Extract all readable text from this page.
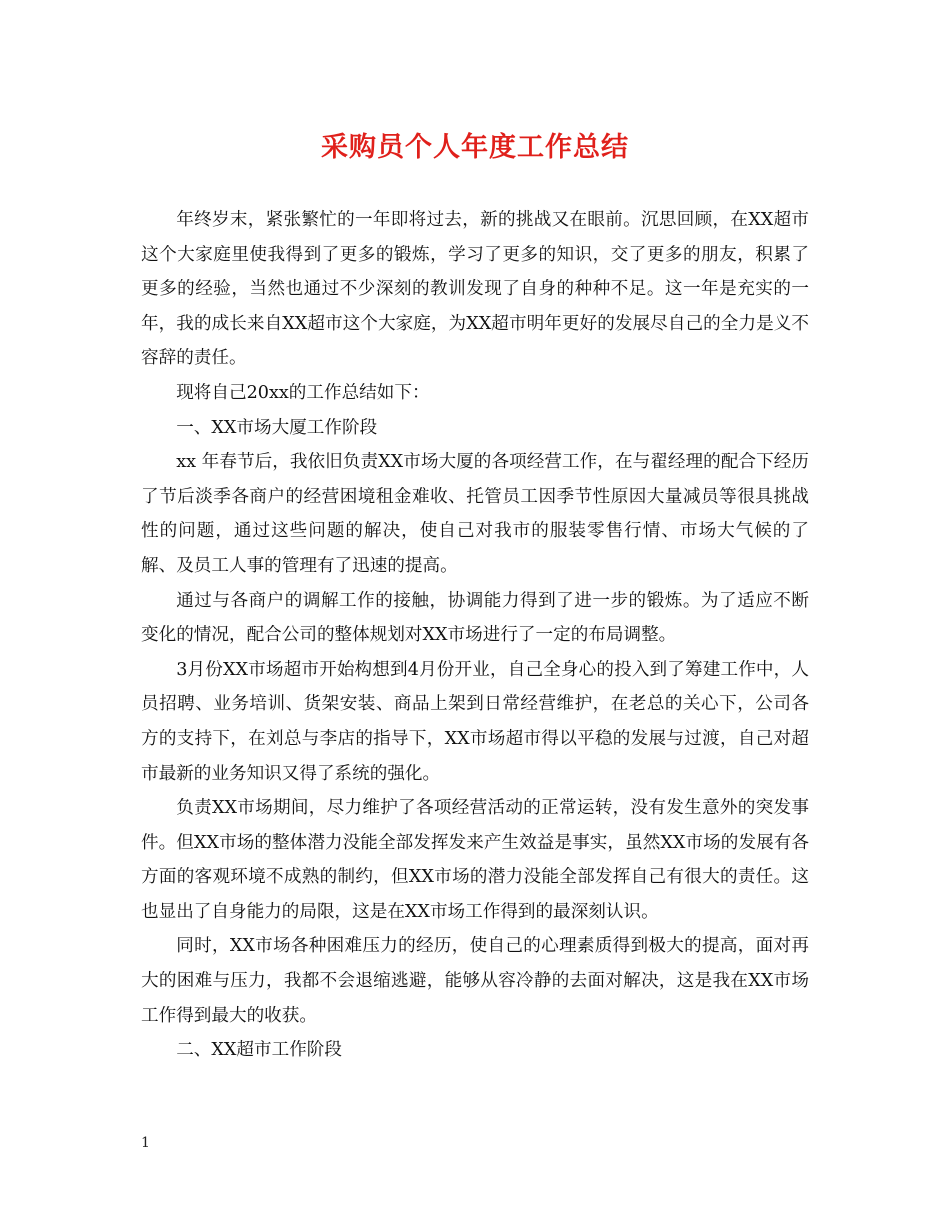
采购员个人年度工作总结

年终岁末，紧张繁忙的一年即将过去，新的挑战又在眼前。沉思回顾，在XX超市这个大家庭里使我得到了更多的锻炼，学习了更多的知识，交了更多的朋友，积累了更多的经验，当然也通过不少深刻的教训发现了自身的种种不足。这一年是充实的一年，我的成长来自XX超市这个大家庭，为XX超市明年更好的发展尽自己的全力是义不容辞的责任。

现将自己20xx的工作总结如下：

一、XX市场大厦工作阶段

xx 年春节后，我依旧负责XX市场大厦的各项经营工作，在与翟经理的配合下经历了节后淡季各商户的经营困境租金难收、托管员工因季节性原因大量减员等很具挑战性的问题，通过这些问题的解决，使自己对我市的服装零售行情、市场大气候的了解、及员工人事的管理有了迅速的提高。

通过与各商户的调解工作的接触，协调能力得到了进一步的锻炼。为了适应不断变化的情况，配合公司的整体规划对XX市场进行了一定的布局调整。

3月份XX市场超市开始构想到4月份开业，自己全身心的投入到了筹建工作中，人员招聘、业务培训、货架安装、商品上架到日常经营维护，在老总的关心下，公司各方的支持下，在刘总与李店的指导下，XX市场超市得以平稳的发展与过渡，自己对超市最新的业务知识又得了系统的强化。

负责XX市场期间，尽力维护了各项经营活动的正常运转，没有发生意外的突发事件。但XX市场的整体潜力没能全部发挥发来产生效益是事实，虽然XX市场的发展有各方面的客观环境不成熟的制约，但XX市场的潜力没能全部发挥自己有很大的责任。这也显出了自身能力的局限，这是在XX市场工作得到的最深刻认识。

同时，XX市场各种困难压力的经历，使自己的心理素质得到极大的提高，面对再大的困难与压力，我都不会退缩逃避，能够从容冷静的去面对解决，这是我在XX市场工作得到最大的收获。

二、XX超市工作阶段

1
